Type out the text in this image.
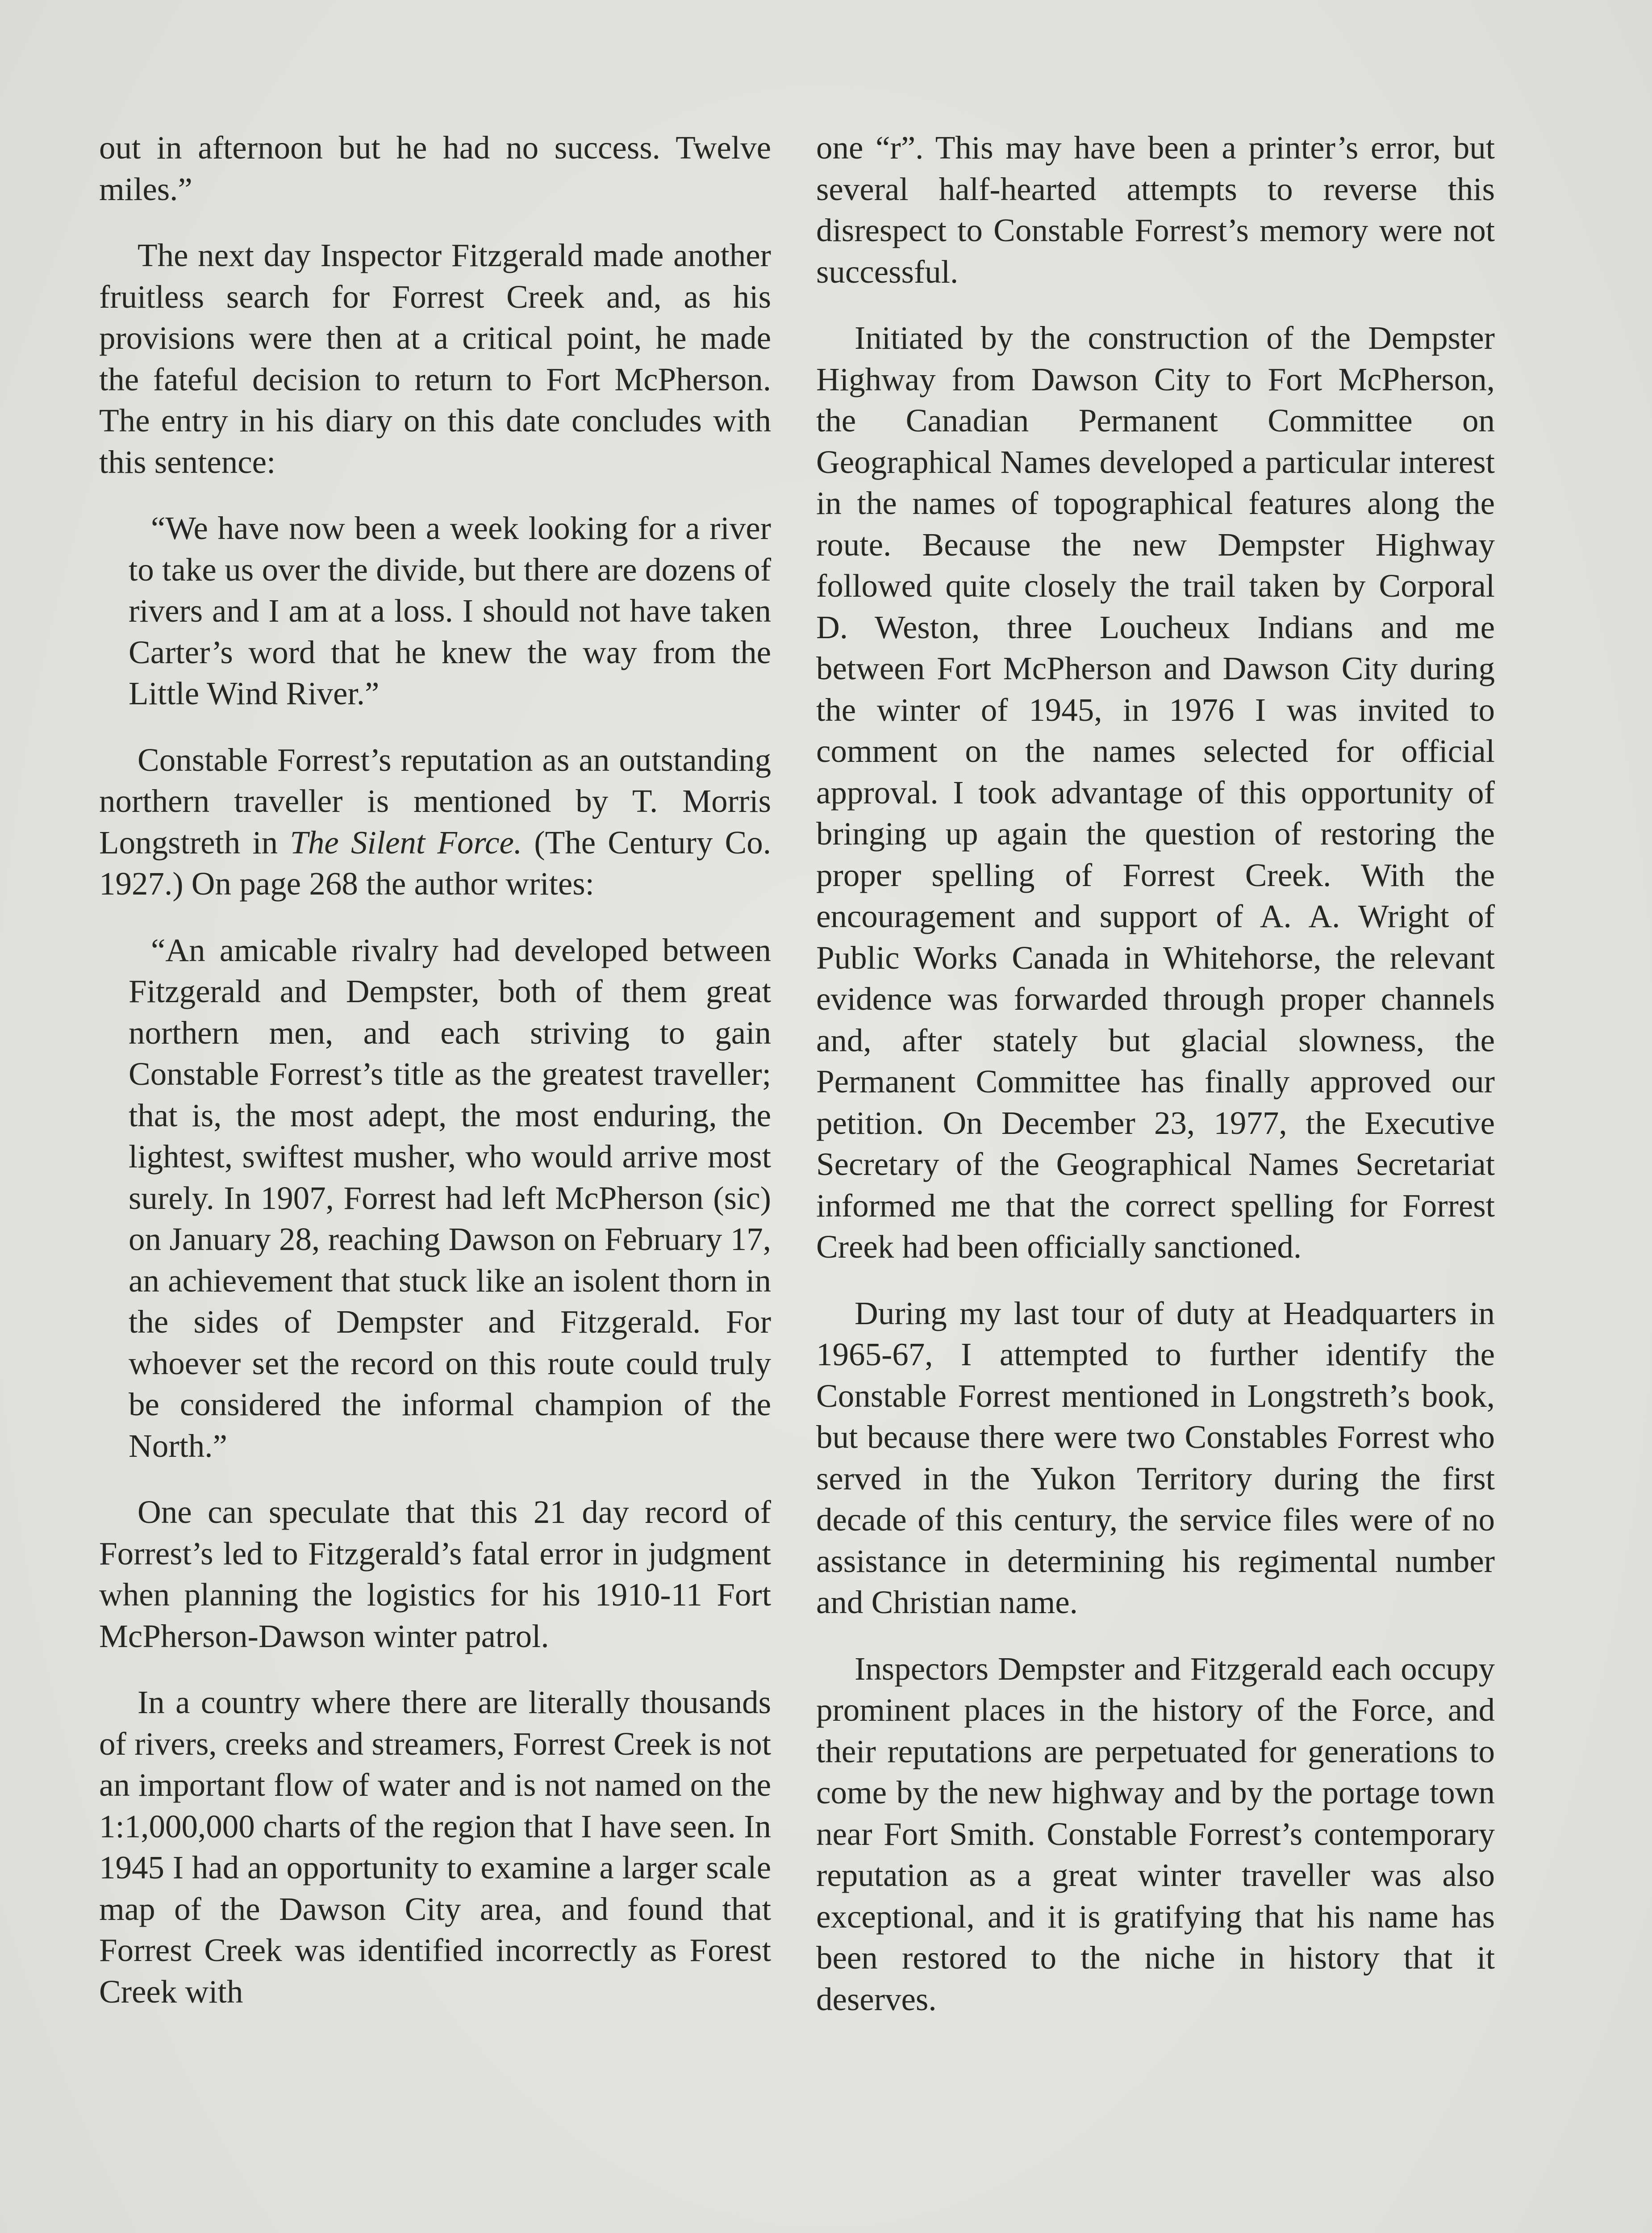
out in afternoon but he had no success. Twelve miles.”

The next day Inspector Fitzgerald made another fruitless search for Forrest Creek and, as his provisions were then at a critical point, he made the fateful decision to return to Fort McPherson. The entry in his diary on this date concludes with this sentence:

“We have now been a week looking for a river to take us over the divide, but there are dozens of rivers and I am at a loss. I should not have taken Carter’s word that he knew the way from the Little Wind River.”

Constable Forrest’s reputation as an outstanding northern traveller is mentioned by T. Morris Longstreth in The Silent Force. (The Century Co. 1927.) On page 268 the author writes:

“An amicable rivalry had developed between Fitzgerald and Dempster, both of them great northern men, and each striving to gain Constable Forrest’s title as the greatest traveller; that is, the most adept, the most enduring, the lightest, swiftest musher, who would arrive most surely. In 1907, Forrest had left McPherson (sic) on January 28, reaching Dawson on February 17, an achievement that stuck like an isolent thorn in the sides of Dempster and Fitzgerald. For whoever set the record on this route could truly be considered the informal champion of the North.”

One can speculate that this 21 day record of Forrest’s led to Fitzgerald’s fatal error in judgment when planning the logistics for his 1910-11 Fort McPherson-Dawson winter patrol.

In a country where there are literally thousands of rivers, creeks and streamers, Forrest Creek is not an important flow of water and is not named on the 1:1,000,000 charts of the region that I have seen. In 1945 I had an opportunity to examine a larger scale map of the Dawson City area, and found that Forrest Creek was identified incorrectly as Forest Creek with

one “r”. This may have been a printer’s error, but several half-hearted attempts to reverse this disrespect to Constable Forrest’s memory were not successful.

Initiated by the construction of the Dempster Highway from Dawson City to Fort McPherson, the Canadian Permanent Committee on Geographical Names developed a particular interest in the names of topographical features along the route. Because the new Dempster Highway followed quite closely the trail taken by Corporal D. Weston, three Loucheux Indians and me between Fort McPherson and Dawson City during the winter of 1945, in 1976 I was invited to comment on the names selected for official approval. I took advantage of this opportunity of bringing up again the question of restoring the proper spelling of Forrest Creek. With the encouragement and support of A. A. Wright of Public Works Canada in Whitehorse, the relevant evidence was forwarded through proper channels and, after stately but glacial slowness, the Permanent Committee has finally approved our petition. On December 23, 1977, the Executive Secretary of the Geographical Names Secretariat informed me that the correct spelling for Forrest Creek had been officially sanctioned.

During my last tour of duty at Headquarters in 1965-67, I attempted to further identify the Constable Forrest mentioned in Longstreth’s book, but because there were two Constables Forrest who served in the Yukon Territory during the first decade of this century, the service files were of no assistance in determining his regimental number and Christian name.

Inspectors Dempster and Fitzgerald each occupy prominent places in the history of the Force, and their reputations are perpetuated for generations to come by the new highway and by the portage town near Fort Smith. Constable Forrest’s contemporary reputation as a great winter traveller was also exceptional, and it is gratifying that his name has been restored to the niche in history that it deserves.
